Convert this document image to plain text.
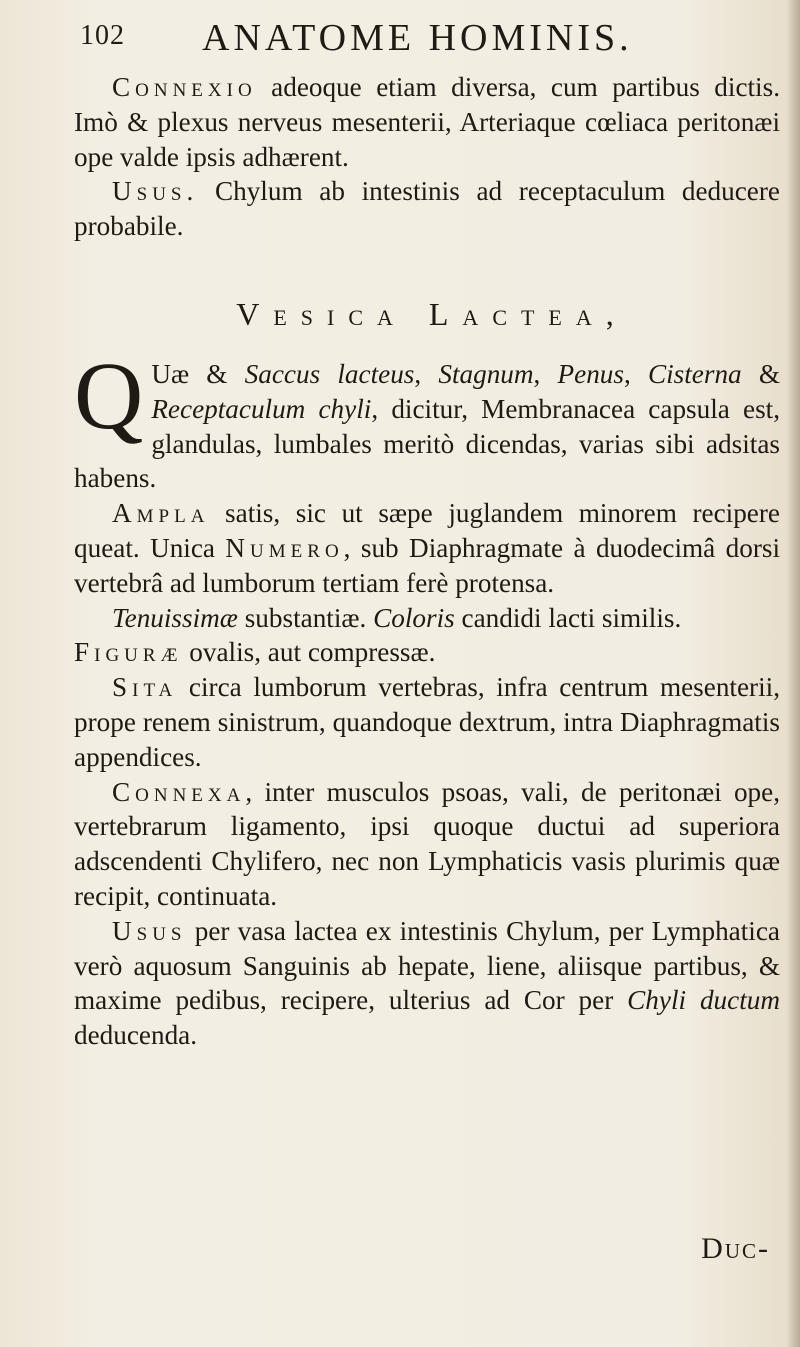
102 ANATOME HOMINIS.

Connexio adeoque etiam diversa, cum partibus dictis. Imò & plexus nerveus mesenterii, Arteriaque cœliaca peritonæi ope valde ipsis adhærent.

Usus. Chylum ab intestinis ad receptaculum deducere probabile.

Vesica Lactea,

Q Uæ & Saccus lacteus, Stagnum, Penus, Cisterna & Receptaculum chyli, dicitur, Membranacea capsula est, glandulas, lumbales meritò dicendas, varias sibi adsitas habens.

Ampla satis, sic ut sæpe juglandem minorem recipere queat. Unica Numero, sub Diaphragmate à duodecimâ dorsi vertebrâ ad lumborum tertiam ferè protensa.

Tenuissimæ substantiæ. Coloris candidi lacti similis.

Figuræ ovalis, aut compressæ.

Sita circa lumborum vertebras, infra centrum mesenterii, prope renem sinistrum, quandoque dextrum, intra Diaphragmatis appendices.

Connexa, inter musculos psoas, vali, de peritonæi ope, vertebrarum ligamento, ipsi quoque ductui ad superiora adscendenti Chylifero, nec non Lymphaticis vasis plurimis quæ recipit, continuata.

Usus per vasa lactea ex intestinis Chylum, per Lymphatica verò aquosum Sanguinis ab hepate, liene, aliisque partibus, & maxime pedibus, recipere, ulterius ad Cor per Chyli ductum deducenda.

Duc-
